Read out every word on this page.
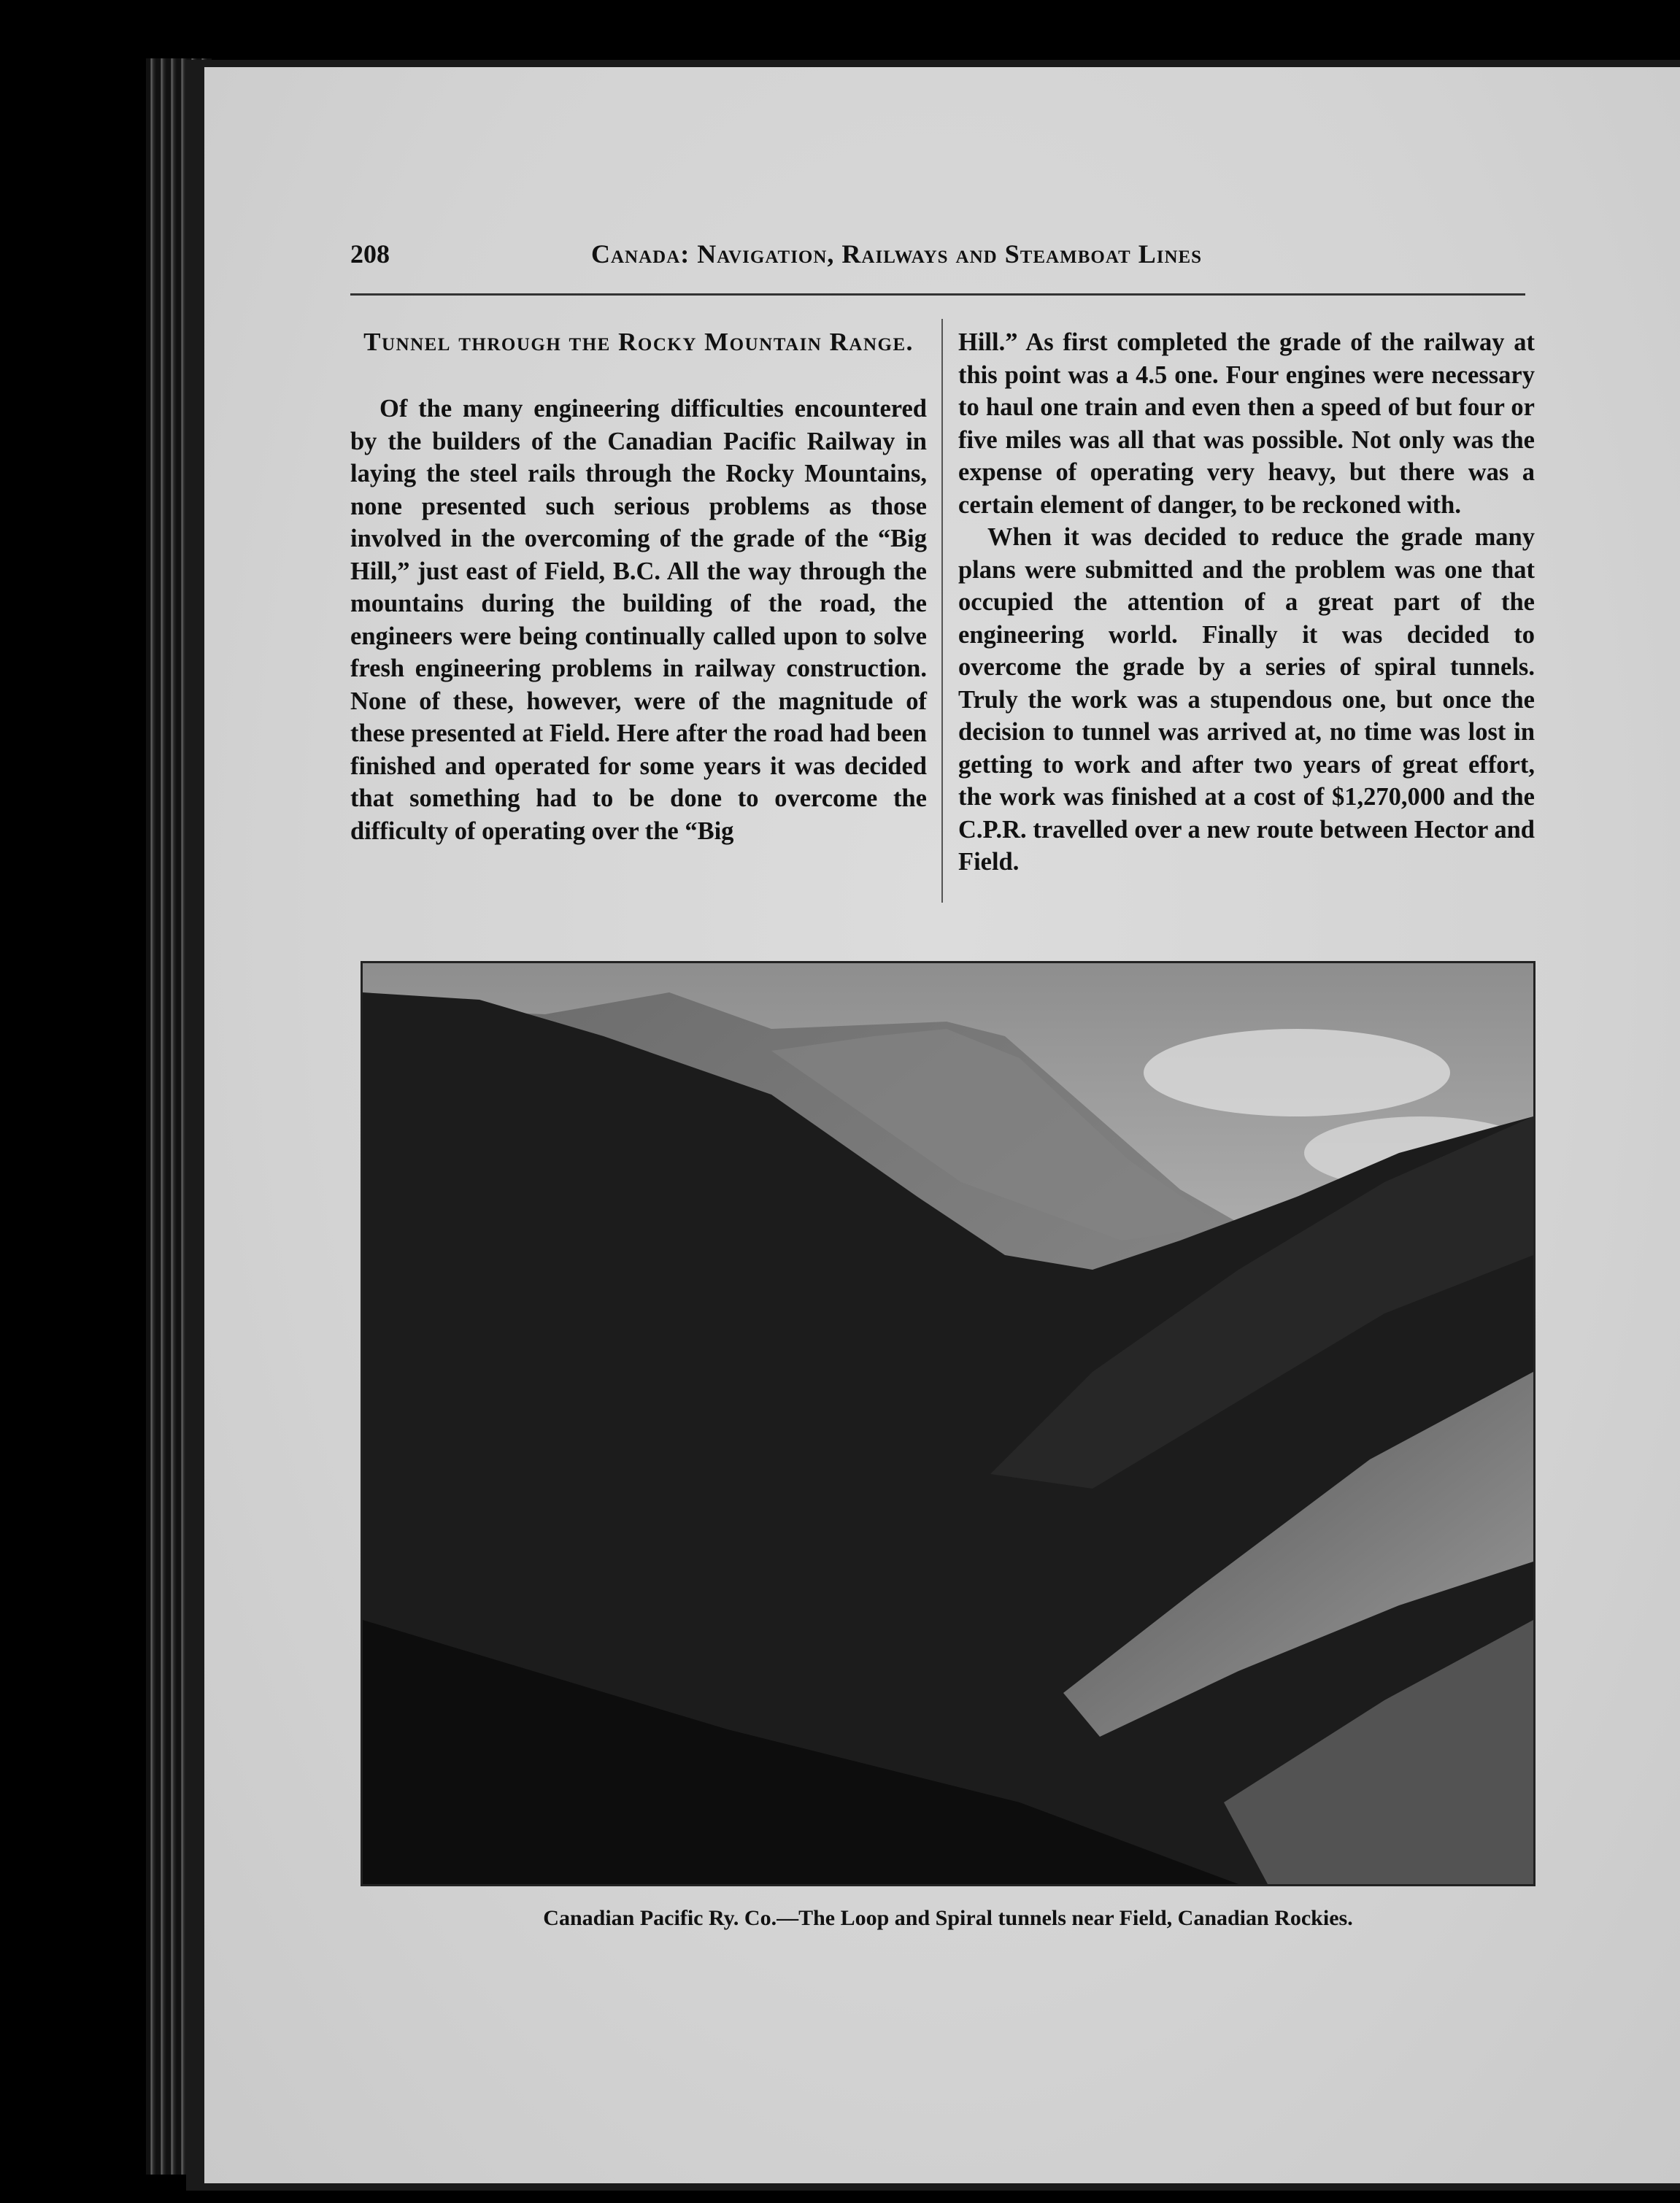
208	Canada: Navigation, Railways and Steamboat Lines

Tunnel through the Rocky Mountain Range.

Of the many engineering difficulties encountered by the builders of the Canadian Pacific Railway in laying the steel rails through the Rocky Mountains, none presented such serious problems as those involved in the overcoming of the grade of the “Big Hill,” just east of Field, B.C. All the way through the mountains during the building of the road, the engineers were being continually called upon to solve fresh engineering problems in railway construction. None of these, however, were of the magnitude of these presented at Field. Here after the road had been finished and operated for some years it was decided that something had to be done to overcome the difficulty of operating over the “Big

Hill.” As first completed the grade of the railway at this point was a 4.5 one. Four engines were necessary to haul one train and even then a speed of but four or five miles was all that was possible. Not only was the expense of operating very heavy, but there was a certain element of danger, to be reckoned with.

When it was decided to reduce the grade many plans were submitted and the problem was one that occupied the attention of a great part of the engineering world. Finally it was decided to overcome the grade by a series of spiral tunnels. Truly the work was a stupendous one, but once the decision to tunnel was arrived at, no time was lost in getting to work and after two years of great effort, the work was finished at a cost of $1,270,000 and the C.P.R. travelled over a new route between Hector and Field.

Canadian Pacific Ry. Co.—The Loop and Spiral tunnels near Field, Canadian Rockies.
